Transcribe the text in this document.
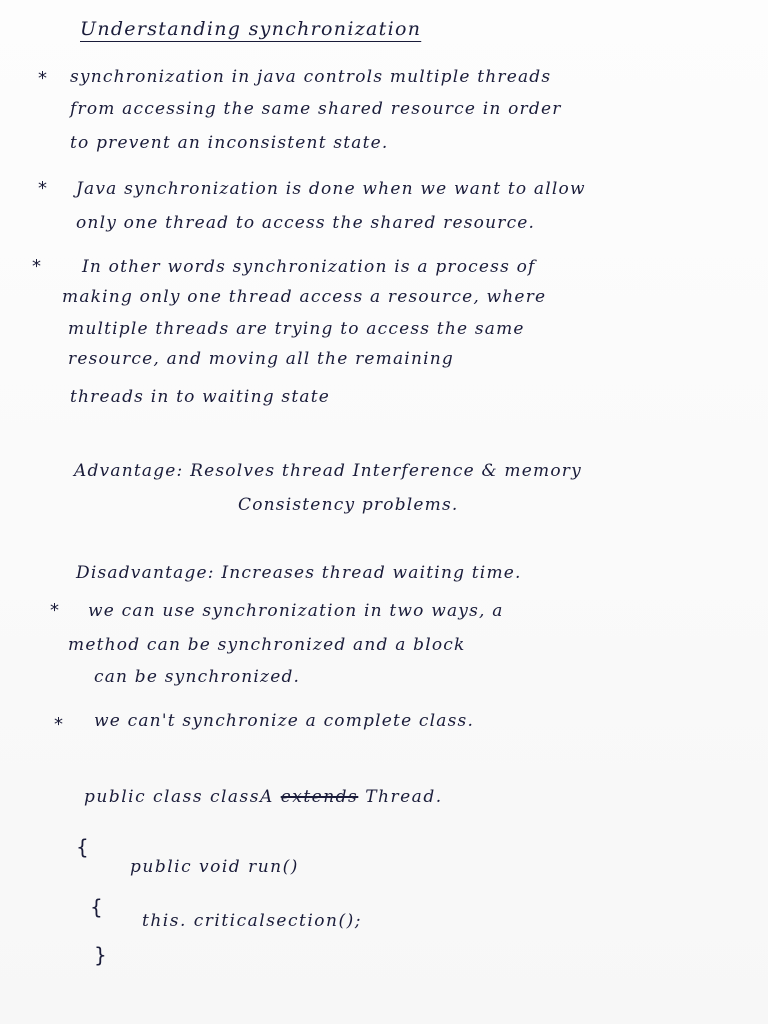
Understanding synchronization
* synchronization in java controls multiple threads
from accessing the same shared resource in order
to prevent an inconsistent state.
* Java synchronization is done when we want to allow
only one thread to access the shared resource.
* In other words synchronization is a process of
making only one thread access a resource, where
multiple threads are trying to access the same
resource, and moving all the remaining
threads in to waiting state
Advantage: Resolves thread Interference & memory
Consistency problems.
Disadvantage: Increases thread waiting time.
* we can use synchronization in two ways, a
method can be synchronized and a block
can be synchronized.
* we can't synchronize a complete class.
public class classA extends Thread.
{
public void run()
{
this. criticalsection();
}
